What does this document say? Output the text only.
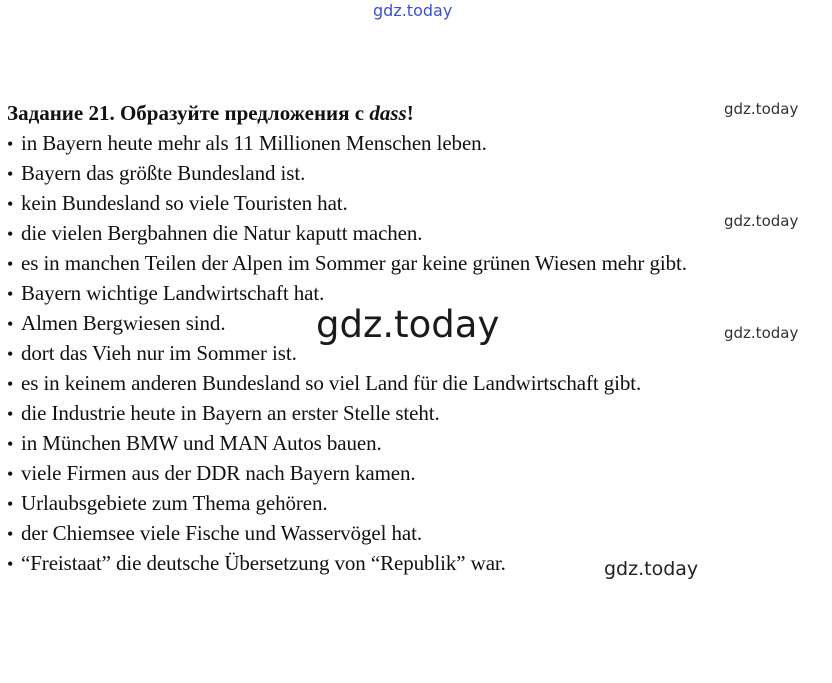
gdz.today
gdz.today
gdz.today
gdz.today
gdz.today
gdz.today
Задание 21. Образуйте предложения с dass!
• in Bayern heute mehr als 11 Millionen Menschen leben.
• Bayern das größte Bundesland ist.
• kein Bundesland so viele Touristen hat.
• die vielen Bergbahnen die Natur kaputt machen.
• es in manchen Teilen der Alpen im Sommer gar keine grünen Wiesen mehr gibt.
• Bayern wichtige Landwirtschaft hat.
• Almen Bergwiesen sind.
• dort das Vieh nur im Sommer ist.
• es in keinem anderen Bundesland so viel Land für die Landwirtschaft gibt.
• die Industrie heute in Bayern an erster Stelle steht.
• in München BMW und MAN Autos bauen.
• viele Firmen aus der DDR nach Bayern kamen.
• Urlaubsgebiete zum Thema gehören.
• der Chiemsee viele Fische und Wasservögel hat.
• “Freistaat” die deutsche Übersetzung von “Republik” war.
